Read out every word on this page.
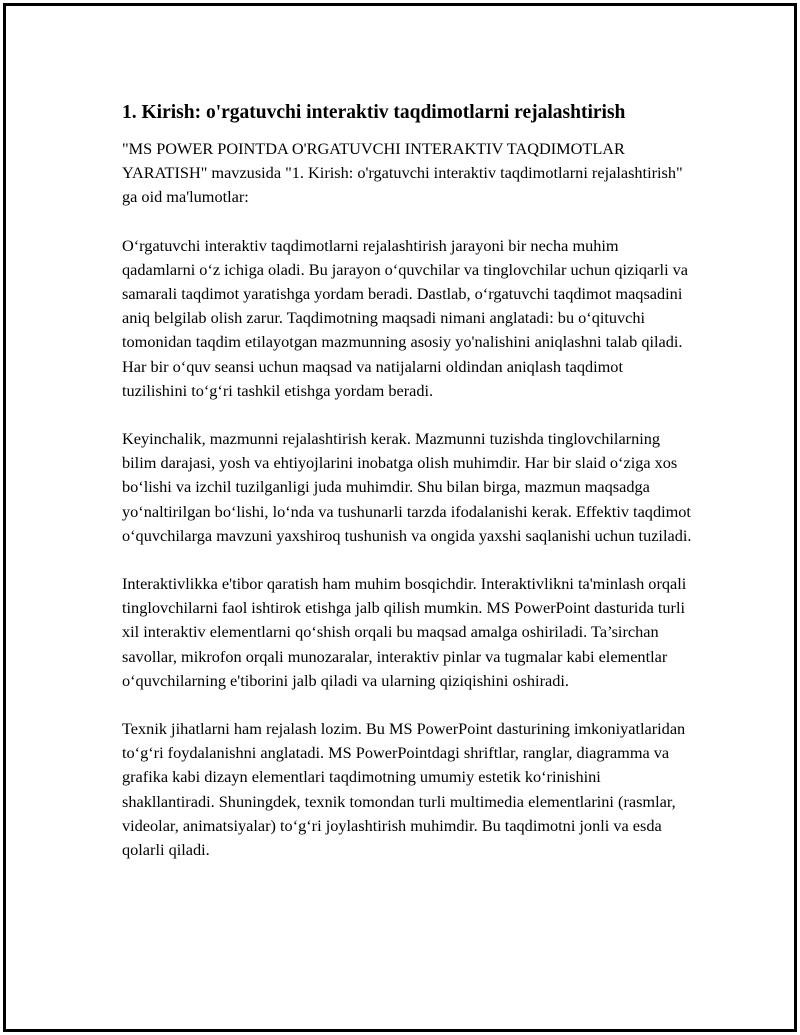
1. Kirish: o'rgatuvchi interaktiv taqdimotlarni rejalashtirish

"MS POWER POINTDA O'RGATUVCHI INTERAKTIV TAQDIMOTLAR YARATISH" mavzusida "1. Kirish: o'rgatuvchi interaktiv taqdimotlarni rejalashtirish" ga oid ma'lumotlar:

O‘rgatuvchi interaktiv taqdimotlarni rejalashtirish jarayoni bir necha muhim qadamlarni o‘z ichiga oladi. Bu jarayon o‘quvchilar va tinglovchilar uchun qiziqarli va samarali taqdimot yaratishga yordam beradi. Dastlab, o‘rgatuvchi taqdimot maqsadini aniq belgilab olish zarur. Taqdimotning maqsadi nimani anglatadi: bu o‘qituvchi tomonidan taqdim etilayotgan mazmunning asosiy yo'nalishini aniqlashni talab qiladi. Har bir o‘quv seansi uchun maqsad va natijalarni oldindan aniqlash taqdimot tuzilishini to‘g‘ri tashkil etishga yordam beradi.

Keyinchalik, mazmunni rejalashtirish kerak. Mazmunni tuzishda tinglovchilarning bilim darajasi, yosh va ehtiyojlarini inobatga olish muhimdir. Har bir slaid o‘ziga xos bo‘lishi va izchil tuzilganligi juda muhimdir. Shu bilan birga, mazmun maqsadga yo‘naltirilgan bo‘lishi, lo‘nda va tushunarli tarzda ifodalanishi kerak. Effektiv taqdimot o‘quvchilarga mavzuni yaxshiroq tushunish va ongida yaxshi saqlanishi uchun tuziladi.

Interaktivlikka e'tibor qaratish ham muhim bosqichdir. Interaktivlikni ta'minlash orqali tinglovchilarni faol ishtirok etishga jalb qilish mumkin. MS PowerPoint dasturida turli xil interaktiv elementlarni qo‘shish orqali bu maqsad amalga oshiriladi. Ta’sirchan savollar, mikrofon orqali munozaralar, interaktiv pinlar va tugmalar kabi elementlar o‘quvchilarning e'tiborini jalb qiladi va ularning qiziqishini oshiradi.

Texnik jihatlarni ham rejalash lozim. Bu MS PowerPoint dasturining imkoniyatlaridan to‘g‘ri foydalanishni anglatadi. MS PowerPointdagi shriftlar, ranglar, diagramma va grafika kabi dizayn elementlari taqdimotning umumiy estetik ko‘rinishini shakllantiradi. Shuningdek, texnik tomondan turli multimedia elementlarini (rasmlar, videolar, animatsiyalar) to‘g‘ri joylashtirish muhimdir. Bu taqdimotni jonli va esda qolarli qiladi.
